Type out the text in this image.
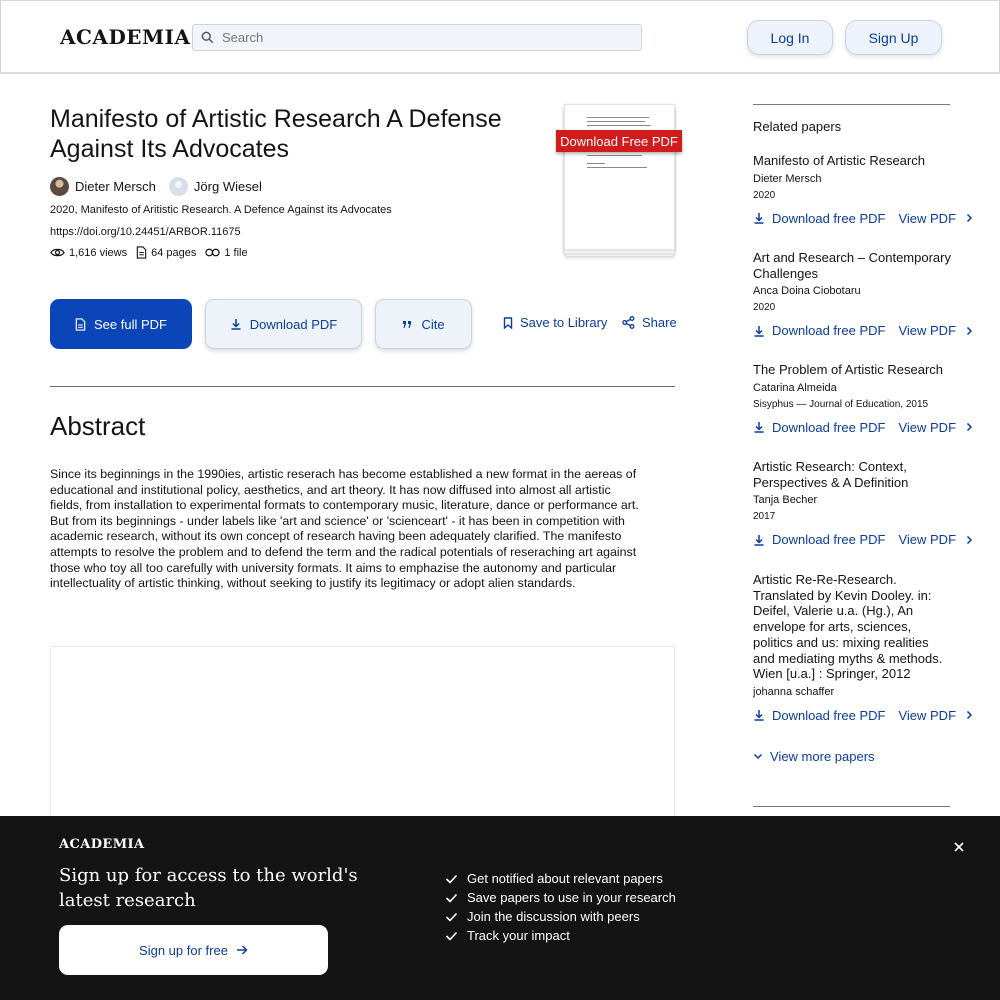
ACADEMIA
Search	Log In	Sign Up
Manifesto of Artistic Research A Defense Against Its Advocates
Dieter Mersch	Jörg Wiesel
2020, Manifesto of Aritistic Research. A Defence Against its Advocates
https://doi.org/10.24451/ARBOR.11675
1,616 views 64 pages	1 file
Download Free PDF
See full PDF	Download PDF	Cite	Save to Library	Share
Abstract

Since its beginnings in the 1990ies, artistic reserach has become established a new format in the aereas of educational and institutional policy, aesthetics, and art theory. It has now diffused into almost all artistic fields, from installation to experimental formats to contemporary music, literature, dance or performance art. But from its beginnings - under labels like 'art and science' or 'scienceart' - it has been in competition with academic research, without its own concept of research having been adequately clarified. The manifesto attempts to resolve the problem and to defend the term and the radical potentials of reseraching art against those who toy all too carefully with university formats. It aims to emphazise the autonomy and particular intellectuality of artistic thinking, without seeking to justify its legitimacy or adopt alien standards.

Related papers
Manifesto of Artistic Research
Dieter Mersch
2020
Download free PDF View PDF
Art and Research – Contemporary Challenges
Anca Doina Ciobotaru
2020
Download free PDF View PDF
The Problem of Artistic Research
Catarina Almeida
Sisyphus — Journal of Education, 2015
Download free PDF View PDF
Artistic Research: Context, Perspectives & A Definition
Tanja Becher
2017
Download free PDF View PDF
Artistic Re-Re-Research. Translated by Kevin Dooley. in: Deifel, Valerie u.a. (Hg.), An envelope for arts, sciences, politics and us: mixing realities and mediating myths & methods. Wien [u.a.] : Springer, 2012
johanna schaffer
Download free PDF View PDF
View more papers
ACADEMIA
Sign up for access to the world's latest research
Sign up for free
Get notified about relevant papers
Save papers to use in your research
Join the discussion with peers
Track your impact
